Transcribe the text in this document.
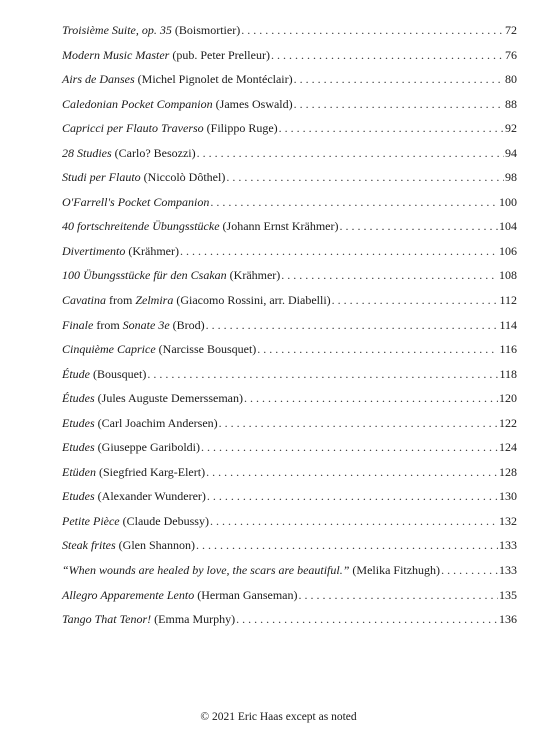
Troisième Suite, op. 35 (Boismortier) . . .	72
Modern Music Master (pub. Peter Prelleur) . . .	76
Airs de Danses (Michel Pignolet de Montéclair) . . .	80
Caledonian Pocket Companion (James Oswald) . . .	88
Capricci per Flauto Traverso (Filippo Ruge) . . .	92
28 Studies (Carlo? Besozzi) . . .	94
Studi per Flauto (Niccolò Dôthel) . . .	98
O'Farrell's Pocket Companion . . .	100
40 fortschreitende Übungsstücke (Johann Ernst Krähmer) . . .	104
Divertimento (Krähmer) . . .	106
100 Übungsstücke für den Csakan (Krähmer) . . .	108
Cavatina from Zelmira (Giacomo Rossini, arr. Diabelli) . . .	112
Finale from Sonate 3e (Brod) . . .	114
Cinquième Caprice (Narcisse Bousquet) . . .	116
Étude (Bousquet) . . .	118
Études (Jules Auguste Demersseman) . . .	120
Etudes (Carl Joachim Andersen) . . .	122
Etudes (Giuseppe Gariboldi) . . .	124
Etüden (Siegfried Karg-Elert) . . .	128
Etudes (Alexander Wunderer) . . .	130
Petite Pièce (Claude Debussy) . . .	132
Steak frites (Glen Shannon) . . .	133
“When wounds are healed by love, the scars are beautiful.” (Melika Fitzhugh) . . .	133
Allegro Apparemente Lento (Herman Ganseman) . . .	135
Tango That Tenor! (Emma Murphy) . . .	136
© 2021 Eric Haas except as noted
